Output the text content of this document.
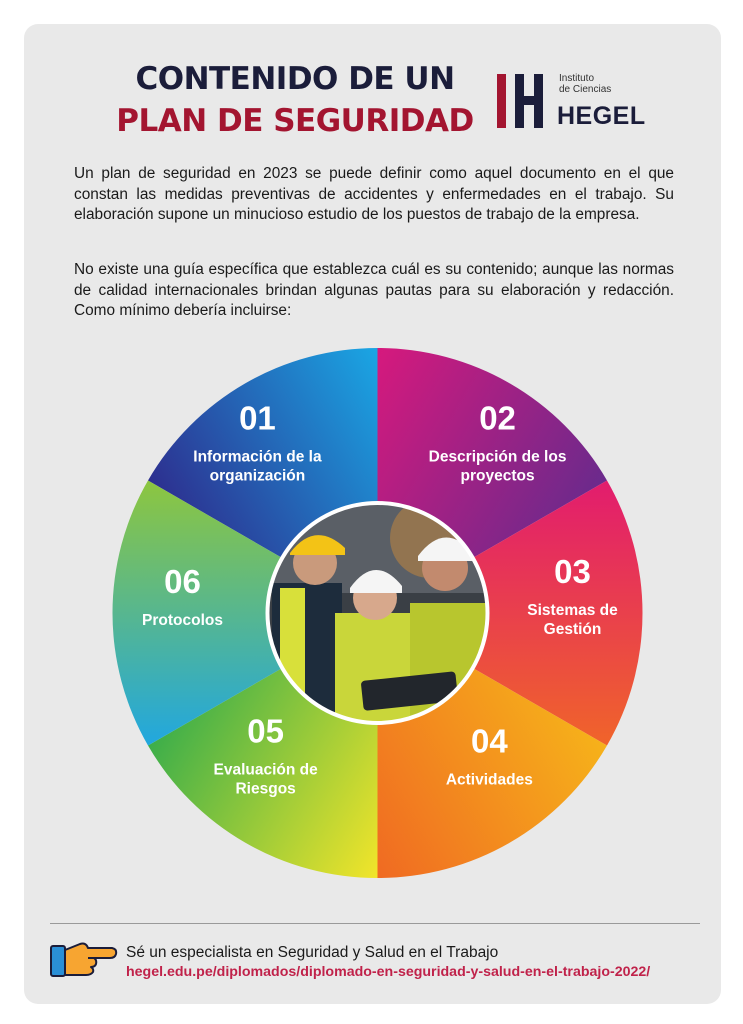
CONTENIDO DE UN
PLAN DE SEGURIDAD
Instituto
de Ciencias
HEGEL

Un plan de seguridad en 2023 se puede definir como aquel documento en el que constan las medidas preventivas de accidentes y enfermedades en el trabajo. Su elaboración supone un minucioso estudio de los puestos de trabajo de la empresa.

No existe una guía específica que establezca cuál es su contenido; aunque las normas de calidad internacionales brindan algunas pautas para su elaboración y redacción. Como mínimo debería incluirse:

01
Información de la
organización
02
Descripción de los
proyectos
03
Sistemas de
Gestión
04
Actividades
05
Evaluación de
Riesgos
06
Protocolos
Sé un especialista en Seguridad y Salud en el Trabajo
hegel.edu.pe/diplomados/diplomado-en-seguridad-y-salud-en-el-trabajo-2022/
